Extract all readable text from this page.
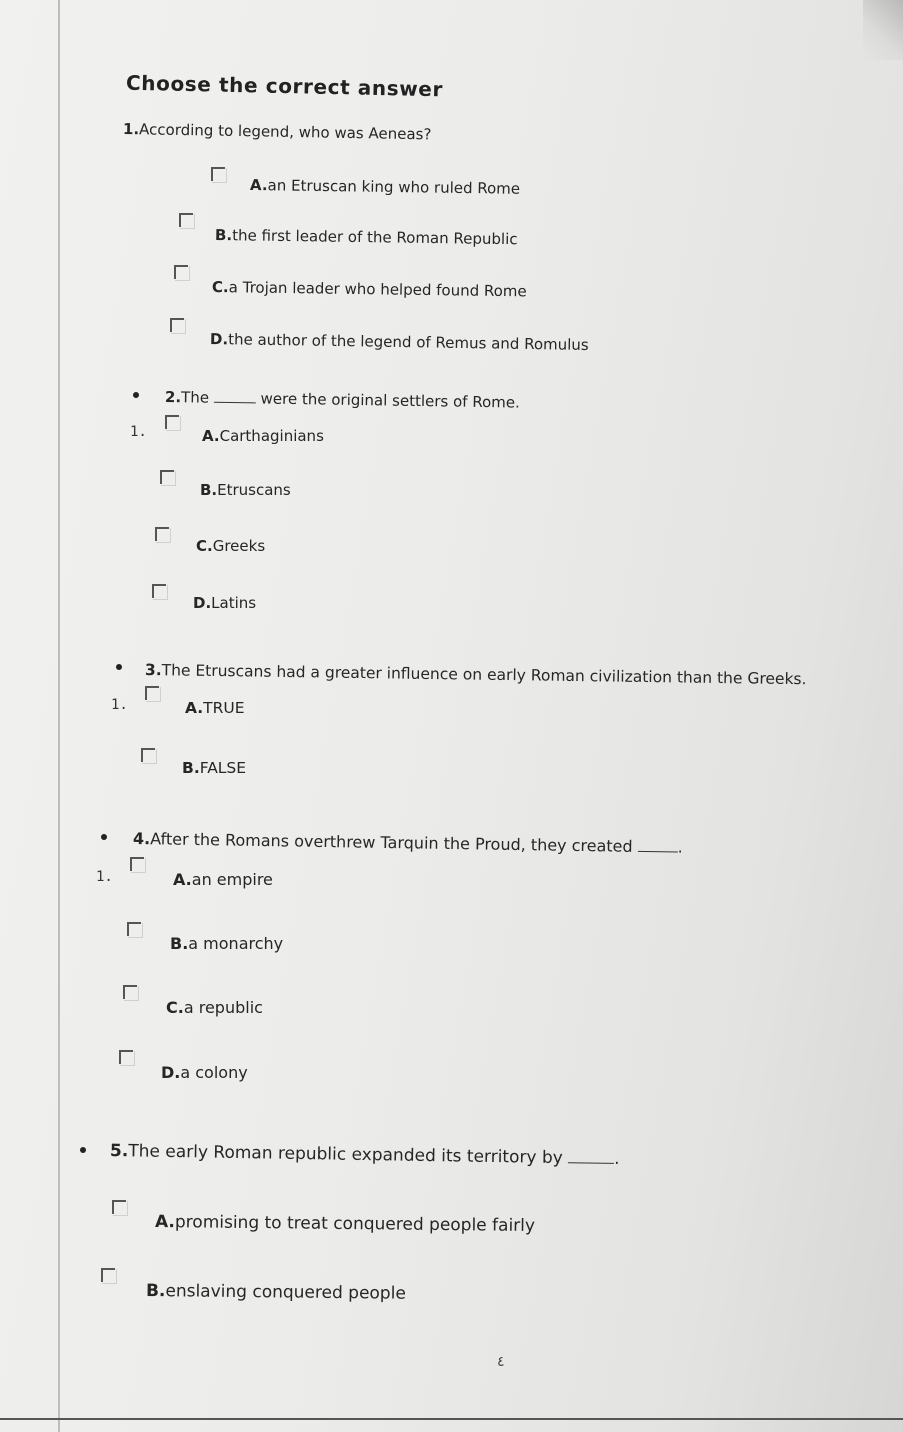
Choose the correct answer
1.According to legend, who was Aeneas?
A.an Etruscan king who ruled Rome
B.the first leader of the Roman Republic
C.a Trojan leader who helped found Rome
D.the author of the legend of Remus and Romulus
2.The	were the original settlers of Rome.
1.	A.Carthaginians
B.Etruscans
C.Greeks
D.Latins
3.The Etruscans had a greater influence on early Roman civilization than the Greeks.
1.	A.TRUE
B.FALSE
4.After the Romans overthrew Tarquin the Proud, they created	.
1.	A.an empire
B.a monarchy
C.a republic
D.a colony
5.The early Roman republic expanded its territory by	.
A.promising to treat conquered people fairly
B.enslaving conquered people
٤
